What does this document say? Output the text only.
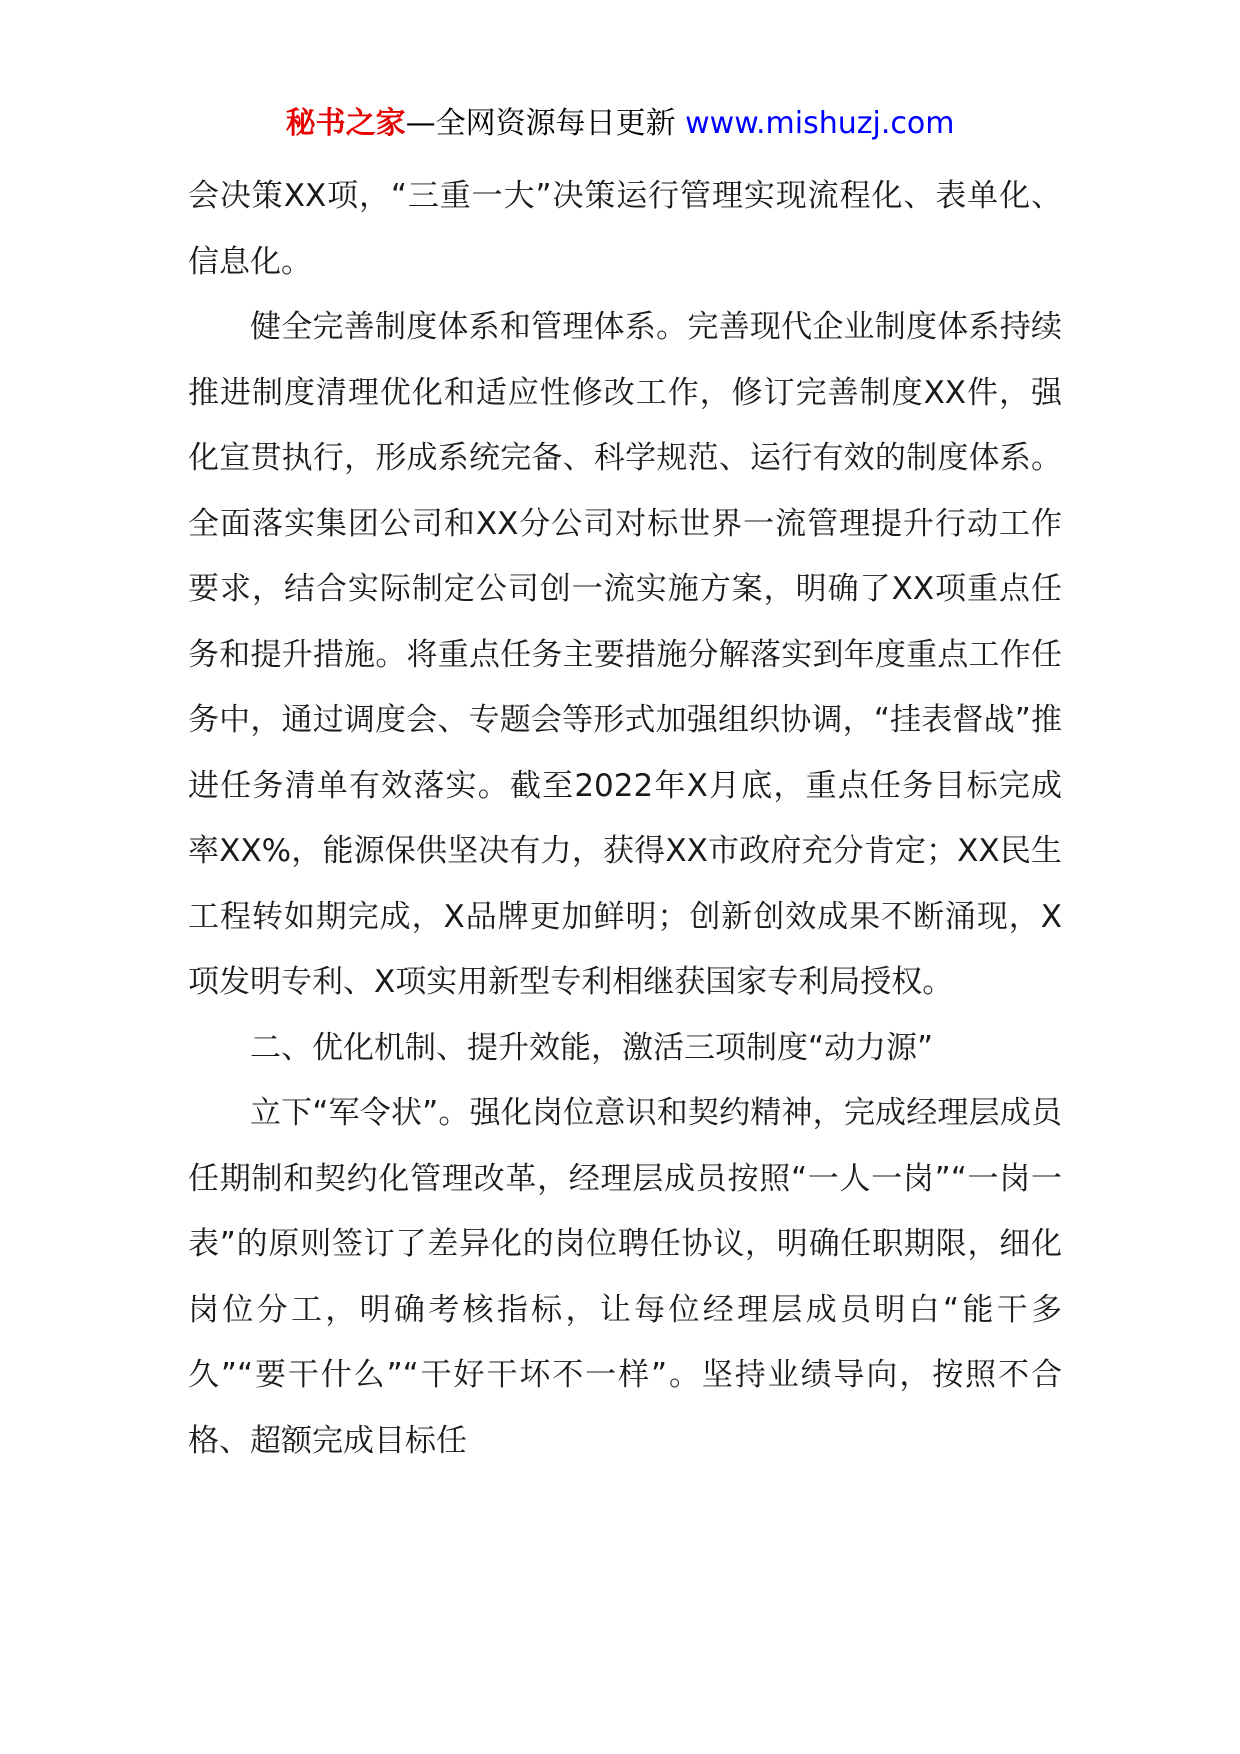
秘书之家—全网资源每日更新 www.mishuzj.com

会决策XX项，“三重一大”决策运行管理实现流程化、表单化、信息化。

健全完善制度体系和管理体系。完善现代企业制度体系持续推进制度清理优化和适应性修改工作，修订完善制度XX件，强化宣贯执行，形成系统完备、科学规范、运行有效的制度体系。全面落实集团公司和XX分公司对标世界一流管理提升行动工作要求，结合实际制定公司创一流实施方案，明确了XX项重点任务和提升措施。将重点任务主要措施分解落实到年度重点工作任务中，通过调度会、专题会等形式加强组织协调，“挂表督战”推进任务清单有效落实。截至2022年X月底，重点任务目标完成率XX%，能源保供坚决有力，获得XX市政府充分肯定；XX民生工程转如期完成，X品牌更加鲜明；创新创效成果不断涌现，X项发明专利、X项实用新型专利相继获国家专利局授权。

二、优化机制、提升效能，激活三项制度“动力源”

立下“军令状”。强化岗位意识和契约精神，完成经理层成员任期制和契约化管理改革，经理层成员按照“一人一岗”“一岗一表”的原则签订了差异化的岗位聘任协议，明确任职期限，细化岗位分工，明确考核指标，让每位经理层成员明白“能干多久”“要干什么”“干好干坏不一样”。坚持业绩导向，按照不合格、超额完成目标任
